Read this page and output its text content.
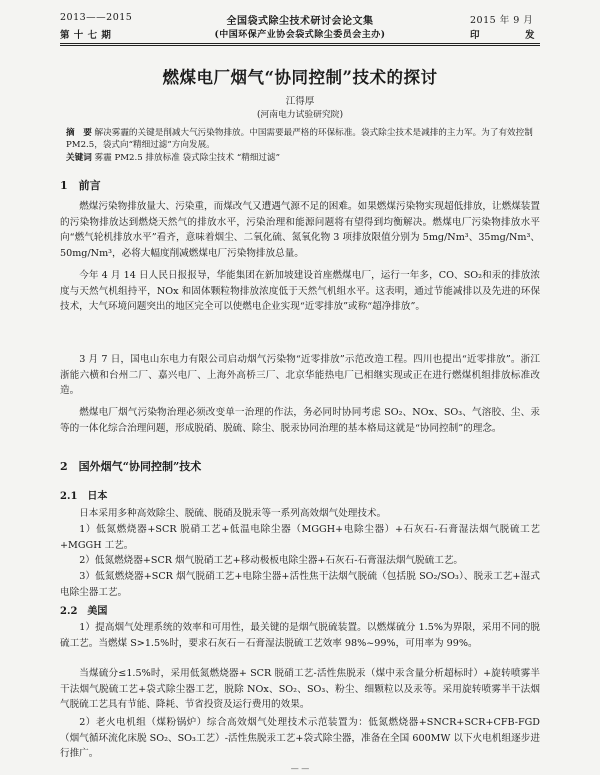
2013——2015
第 十 七 期
全国袋式除尘技术研讨会论文集
(中国环保产业协会袋式除尘委员会主办)
2015 年 9 月
印	发
燃煤电厂烟气“协同控制”技术的探讨
江得厚
(河南电力试验研究院)
摘　要 解决雾霾的关键是削减大气污染物排放。中国需要最严格的环保标准。袋式除尘技术是减排的主力军。为了有效控制PM2.5，袋式向“精细过滤”方向发展。
关键词 雾霾 PM2.5 排放标准 袋式除尘技术 “精细过滤”
1　前言
燃煤污染物排放量大、污染重，而煤改气又遭遇气源不足的困难。如果燃煤污染物实现超低排放，让燃煤装置的污染物排放达到燃烧天然气的排放水平，污染治理和能源问题将有望得到均衡解决。燃煤电厂污染物排放水平向“燃气轮机排放水平”看齐，意味着烟尘、二氧化硫、氮氧化物 3 项排放限值分别为 5mg/Nm³、35mg/Nm³、50mg/Nm³，必将大幅度削减燃煤电厂污染物排放总量。
今年 4 月 14 日人民日报报导，华能集团在新加坡建设首座燃煤电厂，运行一年多，CO、SO₂和汞的排放浓度与天然气机组持平，NOx 和固体颗粒物排放浓度低于天然气机组水平。这表明，通过节能减排以及先进的环保技术，大气环境问题突出的地区完全可以使燃电企业实现“近零排放”或称“超净排放”。
3 月 7 日，国电山东电力有限公司启动烟气污染物“近零排放”示范改造工程。四川也提出“近零排放”。浙江浙能六横和台州二厂、嘉兴电厂、上海外高桥三厂、北京华能热电厂已相继实现或正在进行燃煤机组排放标准改造。
燃煤电厂烟气污染物治理必须改变单一治理的作法，务必同时协同考虑 SO₂、NOx、SO₃、气溶胶、尘、汞等的一体化综合治理问题，形成脱硝、脱硫、除尘、脱汞协同治理的基本格局这就是“协同控制”的理念。
2　国外烟气“协同控制”技术
2.1　日本
日本采用多种高效除尘、脱硫、脱硝及脱汞等一系列高效烟气处理技术。
1）低氮燃烧器+SCR 脱硝工艺+低温电除尘器（MGGH+电除尘器）+石灰石-石膏湿法烟气脱硫工艺+MGGH 工艺。
2）低氮燃烧器+SCR 烟气脱硝工艺+移动极板电除尘器+石灰石-石膏湿法烟气脱硫工艺。
3）低氮燃烧器+SCR 烟气脱硝工艺+电除尘器+活性焦干法烟气脱硫（包括脱 SO₂/SO₃）、脱汞工艺+湿式电除尘器工艺。
2.2　美国
1）提高烟气处理系统的效率和可用性，最关键的是烟气脱硫装置。以燃煤硫分 1.5%为界限，采用不同的脱硫工艺。当燃煤 S>1.5%时，要求石灰石－石膏湿法脱硫工艺效率 98%~99%，可用率为 99%。
当煤硫分≤1.5%时，采用低氮燃烧器+ SCR 脱硝工艺-活性焦脱汞（煤中汞含量分析超标时）+旋转喷雾半干法烟气脱硫工艺+袋式除尘器工艺，脱除 NOx、SO₂、SO₃、粉尘、细颗粒以及汞等。采用旋转喷雾半干法烟气脱硫工艺具有节能、降耗、节省投资及运行费用的效果。
2）老火电机组（煤粉锅炉）综合高效烟气处理技术示范装置为：低氮燃烧器+SNCR+SCR+CFB-FGD（烟气循环流化床脱 SO₂、SO₃工艺）-活性焦脱汞工艺+袋式除尘器，准备在全国 600MW 以下火电机组逐步进行推广。
— —
